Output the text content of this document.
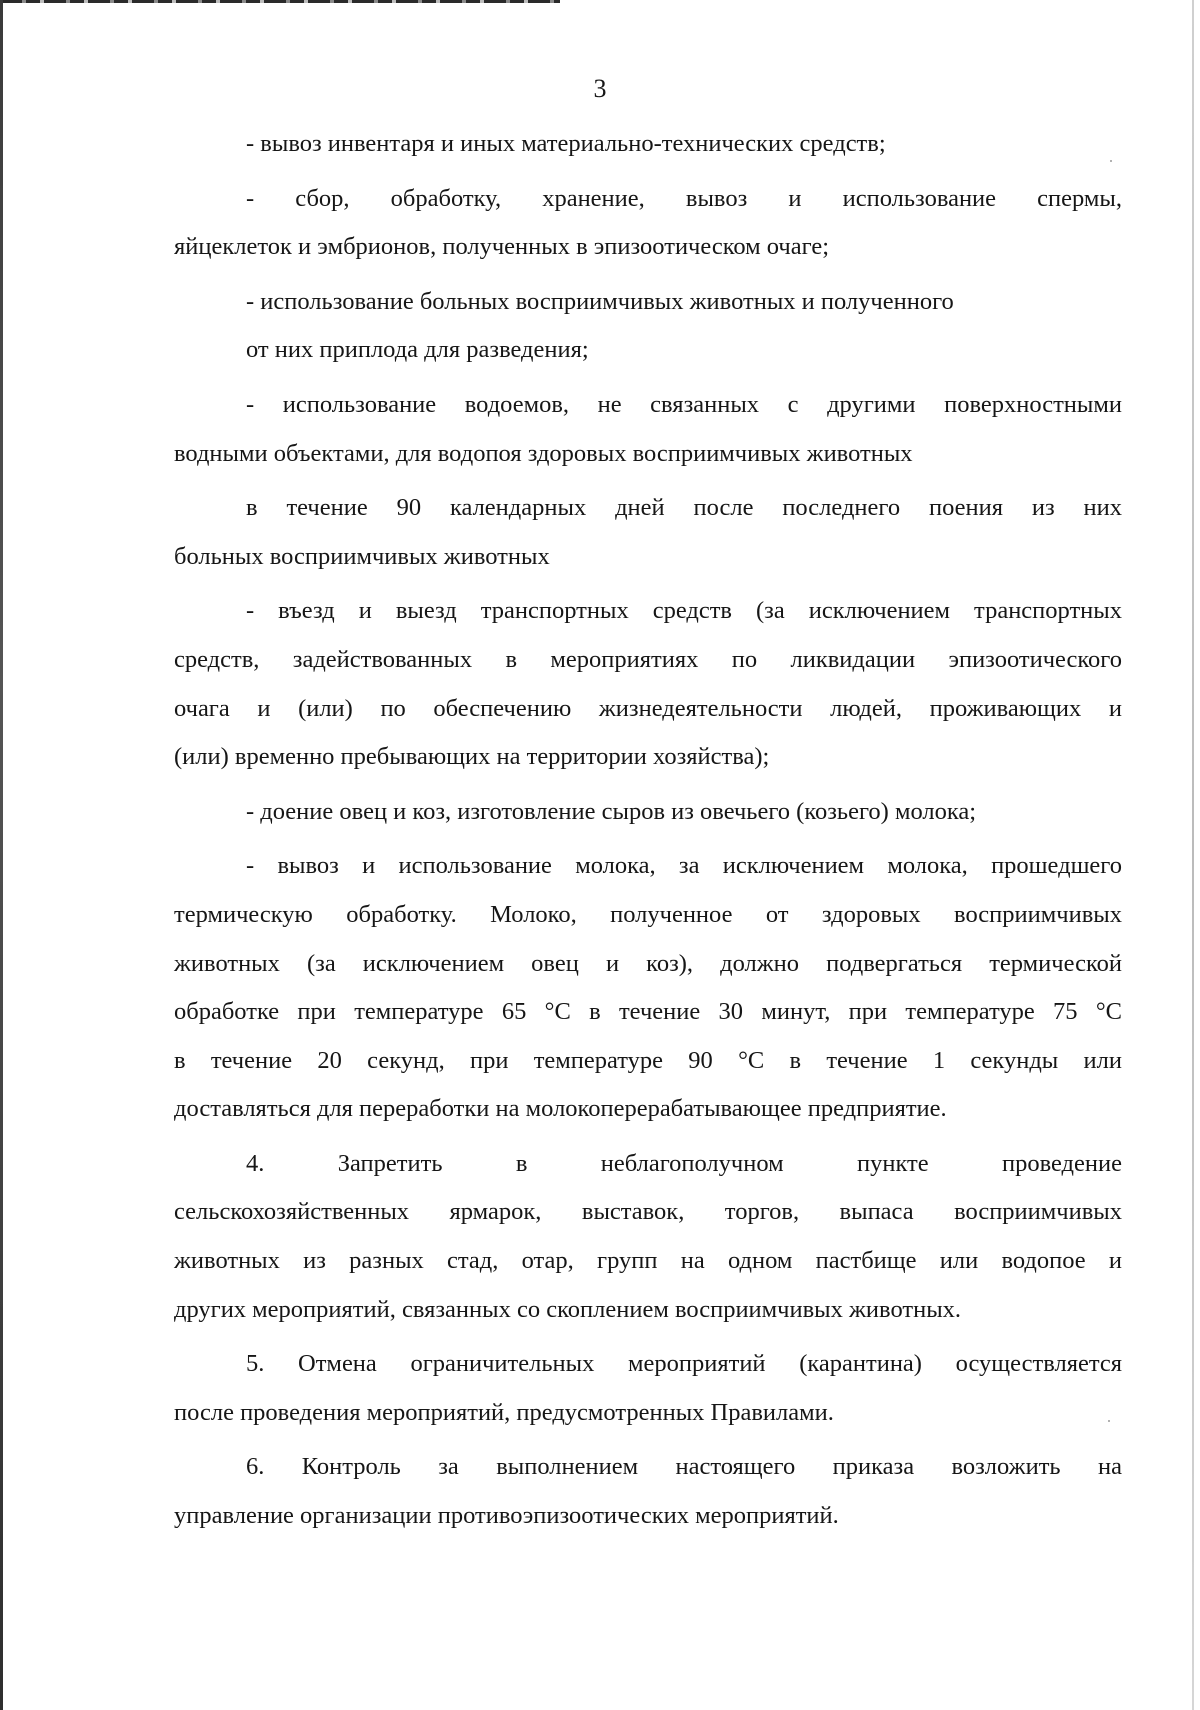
3
- вывоз инвентаря и иных материально-технических средств;
- сбор, обработку, хранение, вывоз и использование спермы,
яйцеклеток и эмбрионов, полученных в эпизоотическом очаге;
- использование больных восприимчивых животных и полученного
от них приплода для разведения;
- использование водоемов, не связанных с другими поверхностными
водными объектами, для водопоя здоровых восприимчивых животных
в течение 90 календарных дней после последнего поения из них
больных восприимчивых животных
- въезд и выезд транспортных средств (за исключением транспортных
средств, задействованных в мероприятиях по ликвидации эпизоотического
очага и (или) по обеспечению жизнедеятельности людей, проживающих и
(или) временно пребывающих на территории хозяйства);
- доение овец и коз, изготовление сыров из овечьего (козьего) молока;
- вывоз и использование молока, за исключением молока, прошедшего
термическую обработку. Молоко, полученное от здоровых восприимчивых
животных (за исключением овец и коз), должно подвергаться термической
обработке при температуре 65 °C в течение 30 минут, при температуре 75 °C
в течение 20 секунд, при температуре 90 °C в течение 1 секунды или
доставляться для переработки на молокоперерабатывающее предприятие.
4. Запретить в неблагополучном пункте проведение
сельскохозяйственных ярмарок, выставок, торгов, выпаса восприимчивых
животных из разных стад, отар, групп на одном пастбище или водопое и
других мероприятий, связанных со скоплением восприимчивых животных.
5. Отмена ограничительных мероприятий (карантина) осуществляется
после проведения мероприятий, предусмотренных Правилами.
6. Контроль за выполнением настоящего приказа возложить на
управление организации противоэпизоотических мероприятий.
